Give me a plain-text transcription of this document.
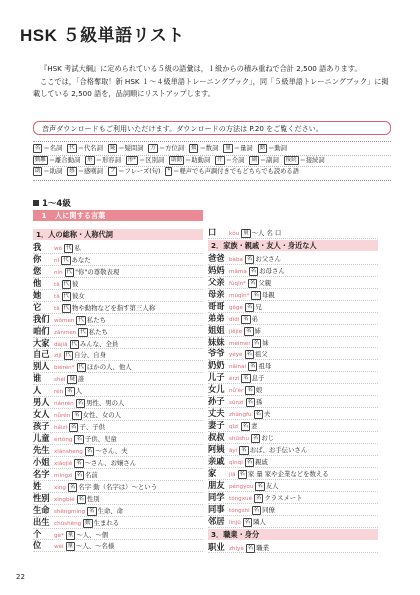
HSK ５級単語リスト

『HSK 考試大綱』に定められている５級の語彙は，１級からの積み重ねで合計 2,500 語あります。

ここでは，「合格奪取！新 HSK １～４級単語トレーニングブック」，同「５級単語トレーニングブック」に掲載している 2,500 語を，品詞順にリストアップします。

音声ダウンロードもご利用いただけます。ダウンロードの方法は P.20 をご覧ください。
名 ＝名詞 代 ＝代名詞 疑 ＝疑問詞 方 ＝方位詞 数 ＝数詞 量 ＝量詞 動 ＝動詞
動離 ＝離合動詞 形 ＝形容詞 形* ＝区別詞 助動 ＝助動詞 介 ＝介詞 副 ＝副詞 接続 ＝接続詞
助 ＝助詞 感 ＝感嘆詞 フ ＝フレーズ(句) * ＝軽声でも声調付きでもどちらでも読める語
1～4級
1 人に関する言葉
1．人の総称・人称代詞
我 wǒ 代 私
你 nǐ 代 あなた
您 nín 代 "你"の尊敬表現
他 tā 代 彼
她 tā 代 彼女
它 tā 代 物や動物などを指す第三人称
我们 wǒmen 代 私たち
咱们 zánmen 代 私たち
大家 dàjiā 代 みんな、全員
自己 zìjǐ 代 自分、自身
别人 biérén* 代 ほかの人、他人
谁 shéi 疑 誰
人 rén 名 人
男人 nánrén 名 男性、男の人
女人 nǚrén 名 女性、女の人
孩子 háizi 名 子、子供
儿童 értóng 名 子供、児童
先生 xiānsheng 名 ～さん、夫
小姐 xiǎojiě 名 ～さん、お嬢さん
名字 míngzi 名 名前
姓 xìng 名 名字 動（名字は）～という
性别 xìngbié 名 性別
生命 shēngmìng 名 生命、命
出生 chūshēng 動 生まれる
个 gè* 量 ～人、～個
位 wèi 量 ～人、～名様
口 kǒu 量 ～人 名 口
2．家族・親戚・友人・身近な人
爸爸 bàba 名 お父さん
妈妈 māma 名 お母さん
父亲 fùqīn* 名 父親
母亲 mǔqīn* 名 母親
哥哥 gēge 名 兄
弟弟 dìdi 名 弟
姐姐 jiějie 名 姉
妹妹 mèimei 名 妹
爷爷 yéye 名 祖父
奶奶 nǎinai 名 祖母
儿子 érzi 名 息子
女儿 nǚ'ér 名 娘
孙子 sūnzi 名 孫
丈夫 zhàngfu 名 夫
妻子 qīzi 名 妻
叔叔 shūshu 名 おじ
阿姨 āyí 名 おば、お手伝いさん
亲戚 qīnqi 名 親戚
家 jiā 名 家 量 家や企業などを数える
朋友 péngyou 名 友人
同学 tóngxué 名 クラスメート
同事 tóngshì 名 同僚
邻居 línjū 名 隣人
3．職業・身分
职业 zhíyè 名 職業
22
